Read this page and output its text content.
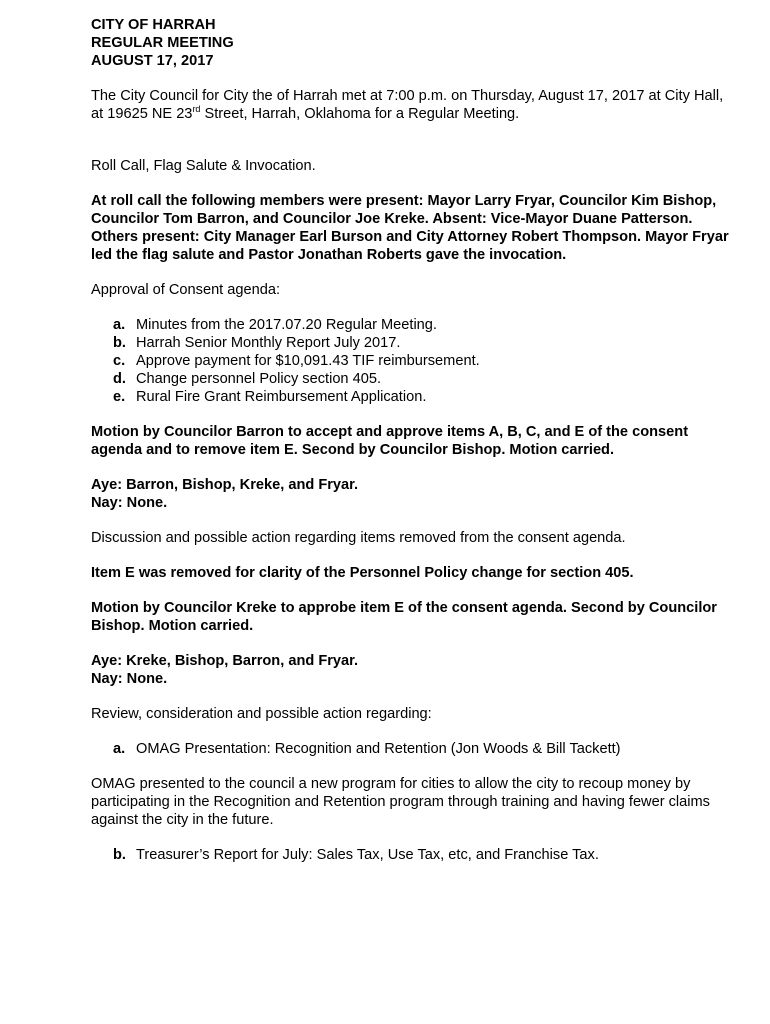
CITY OF HARRAH
REGULAR MEETING
AUGUST 17, 2017

The City Council for City the of Harrah met at 7:00 p.m. on Thursday, August 17, 2017 at City Hall, at 19625 NE 23rd Street, Harrah, Oklahoma for a Regular Meeting.

Roll Call, Flag Salute & Invocation.

At roll call the following members were present: Mayor Larry Fryar, Councilor Kim Bishop, Councilor Tom Barron, and Councilor Joe Kreke. Absent: Vice-Mayor Duane Patterson. Others present: City Manager Earl Burson and City Attorney Robert Thompson. Mayor Fryar led the flag salute and Pastor Jonathan Roberts gave the invocation.

Approval of Consent agenda:

a. Minutes from the 2017.07.20 Regular Meeting.
b. Harrah Senior Monthly Report July 2017.
c. Approve payment for $10,091.43 TIF reimbursement.
d. Change personnel Policy section 405.
e. Rural Fire Grant Reimbursement Application.

Motion by Councilor Barron to accept and approve items A, B, C, and E of the consent agenda and to remove item E. Second by Councilor Bishop. Motion carried.

Aye: Barron, Bishop, Kreke, and Fryar.

Nay: None.

Discussion and possible action regarding items removed from the consent agenda.

Item E was removed for clarity of the Personnel Policy change for section 405.

Motion by Councilor Kreke to approbe item E of the consent agenda. Second by Councilor Bishop. Motion carried.

Aye: Kreke, Bishop, Barron, and Fryar.

Nay: None.

Review, consideration and possible action regarding:

a. OMAG Presentation: Recognition and Retention (Jon Woods & Bill Tackett)

OMAG presented to the council a new program for cities to allow the city to recoup money by participating in the Recognition and Retention program through training and having fewer claims against the city in the future.

b. Treasurer’s Report for July: Sales Tax, Use Tax, etc, and Franchise Tax.
